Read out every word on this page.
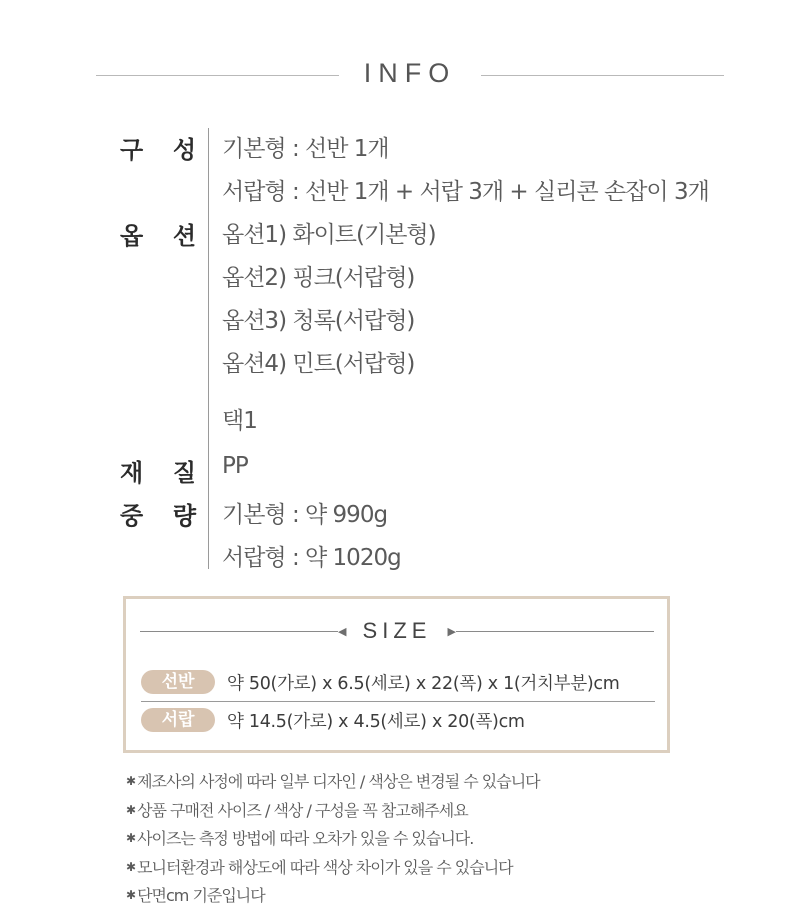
INFO
구 성 기본형 : 선반 1개
서랍형 : 선반 1개 + 서랍 3개 + 실리콘 손잡이 3개
옵 션 옵션1) 화이트(기본형)
옵션2) 핑크(서랍형)
옵션3) 청록(서랍형)
옵션4) 민트(서랍형)
택1
재 질 PP
중 량 기본형 : 약 990g
서랍형 : 약 1020g
◀ SIZE	▶
선반	약 50(가로) x 6.5(세로) x 22(폭) x 1(거치부분)cm
서랍	약 14.5(가로) x 4.5(세로) x 20(폭)cm
✱ 제조사의 사정에 따라 일부 디자인 / 색상은 변경될 수 있습니다
✱ 상품 구매전 사이즈 / 색상 / 구성을 꼭 참고해주세요
✱ 사이즈는 측정 방법에 따라 오차가 있을 수 있습니다.
✱ 모니터환경과 해상도에 따라 색상 차이가 있을 수 있습니다
✱ 단면cm 기준입니다
